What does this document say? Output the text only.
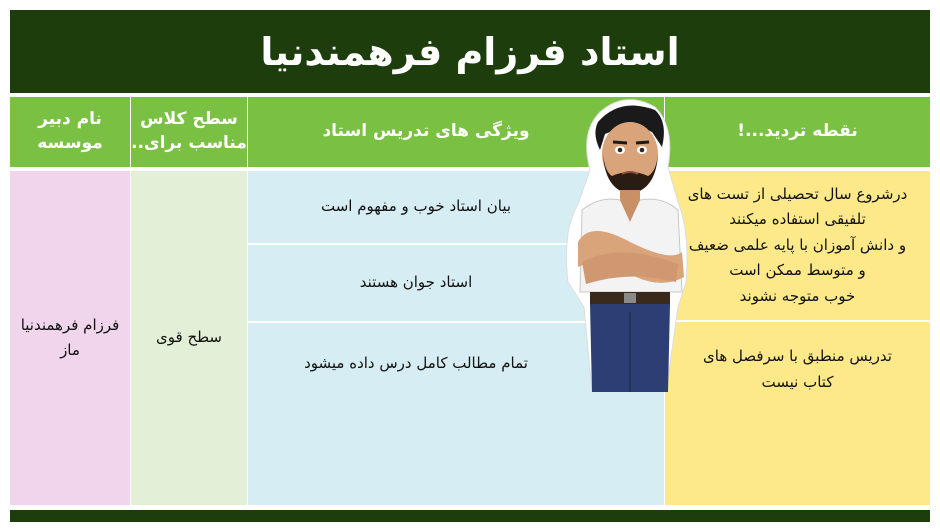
استاد فرزام فرهمندنیا
نام دبیر
موسسه
سطح کلاس
مناسب برای..
ویژگی های تدریس استاد	نقطه تردید...!
فرزام فرهمندنیا
ماز
سطح قوی
بیان استاد خوب و مفهوم است
استاد جوان هستند
تمام مطالب کامل درس داده میشود
درشروع سال تحصیلی از تست های
تلفیقی استفاده میکنند
و دانش آموزان با پایه علمی ضعیف
و متوسط ممکن است
خوب متوجه نشوند
تدریس منطبق با سرفصل های
کتاب نیست
